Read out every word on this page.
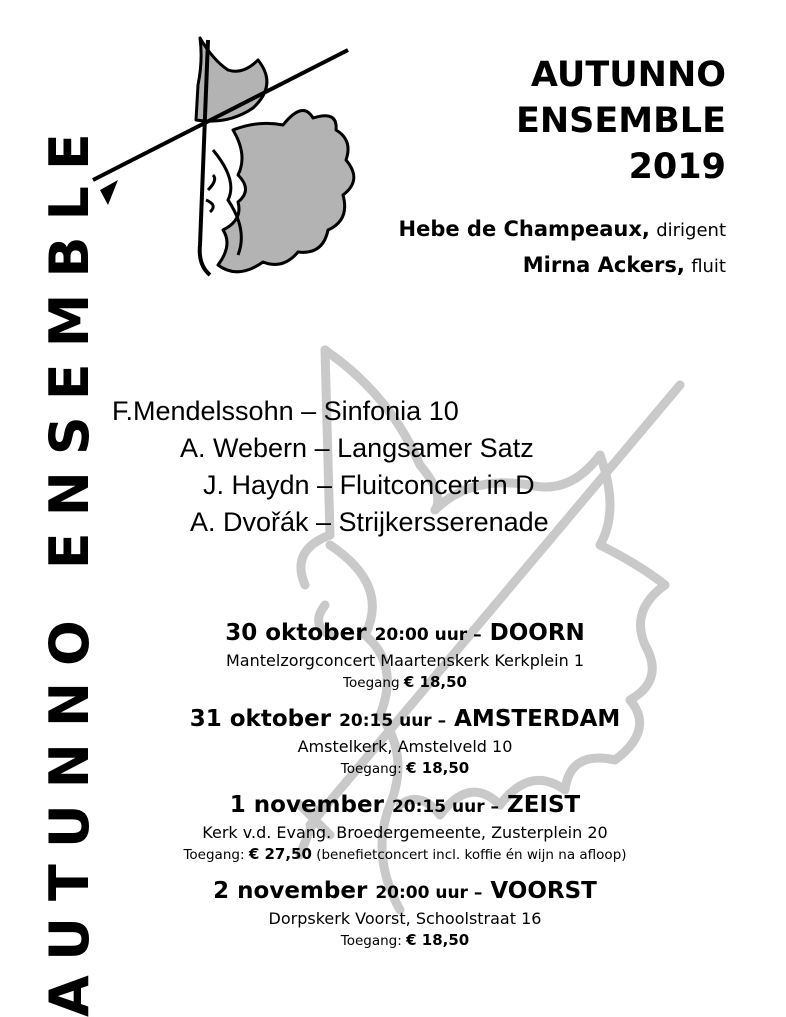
AUTUNNO ENSEMBLE
AUTUNNO
ENSEMBLE
2019
Hebe de Champeaux, dirigent
Mirna Ackers, fluit
F.Mendelssohn – Sinfonia 10
A. Webern – Langsamer Satz
J. Haydn – Fluitconcert in D
A. Dvořák – Strijkersserenade
30 oktober 20:00 uur – DOORN
Mantelzorgconcert Maartenskerk Kerkplein 1
Toegang € 18,50
31 oktober 20:15 uur – AMSTERDAM
Amstelkerk, Amstelveld 10
Toegang: € 18,50
1 november 20:15 uur – ZEIST
Kerk v.d. Evang. Broedergemeente, Zusterplein 20
Toegang: € 27,50 (benefietconcert incl. koffie én wijn na afloop)
2 november 20:00 uur – VOORST
Dorpskerk Voorst, Schoolstraat 16
Toegang: € 18,50
